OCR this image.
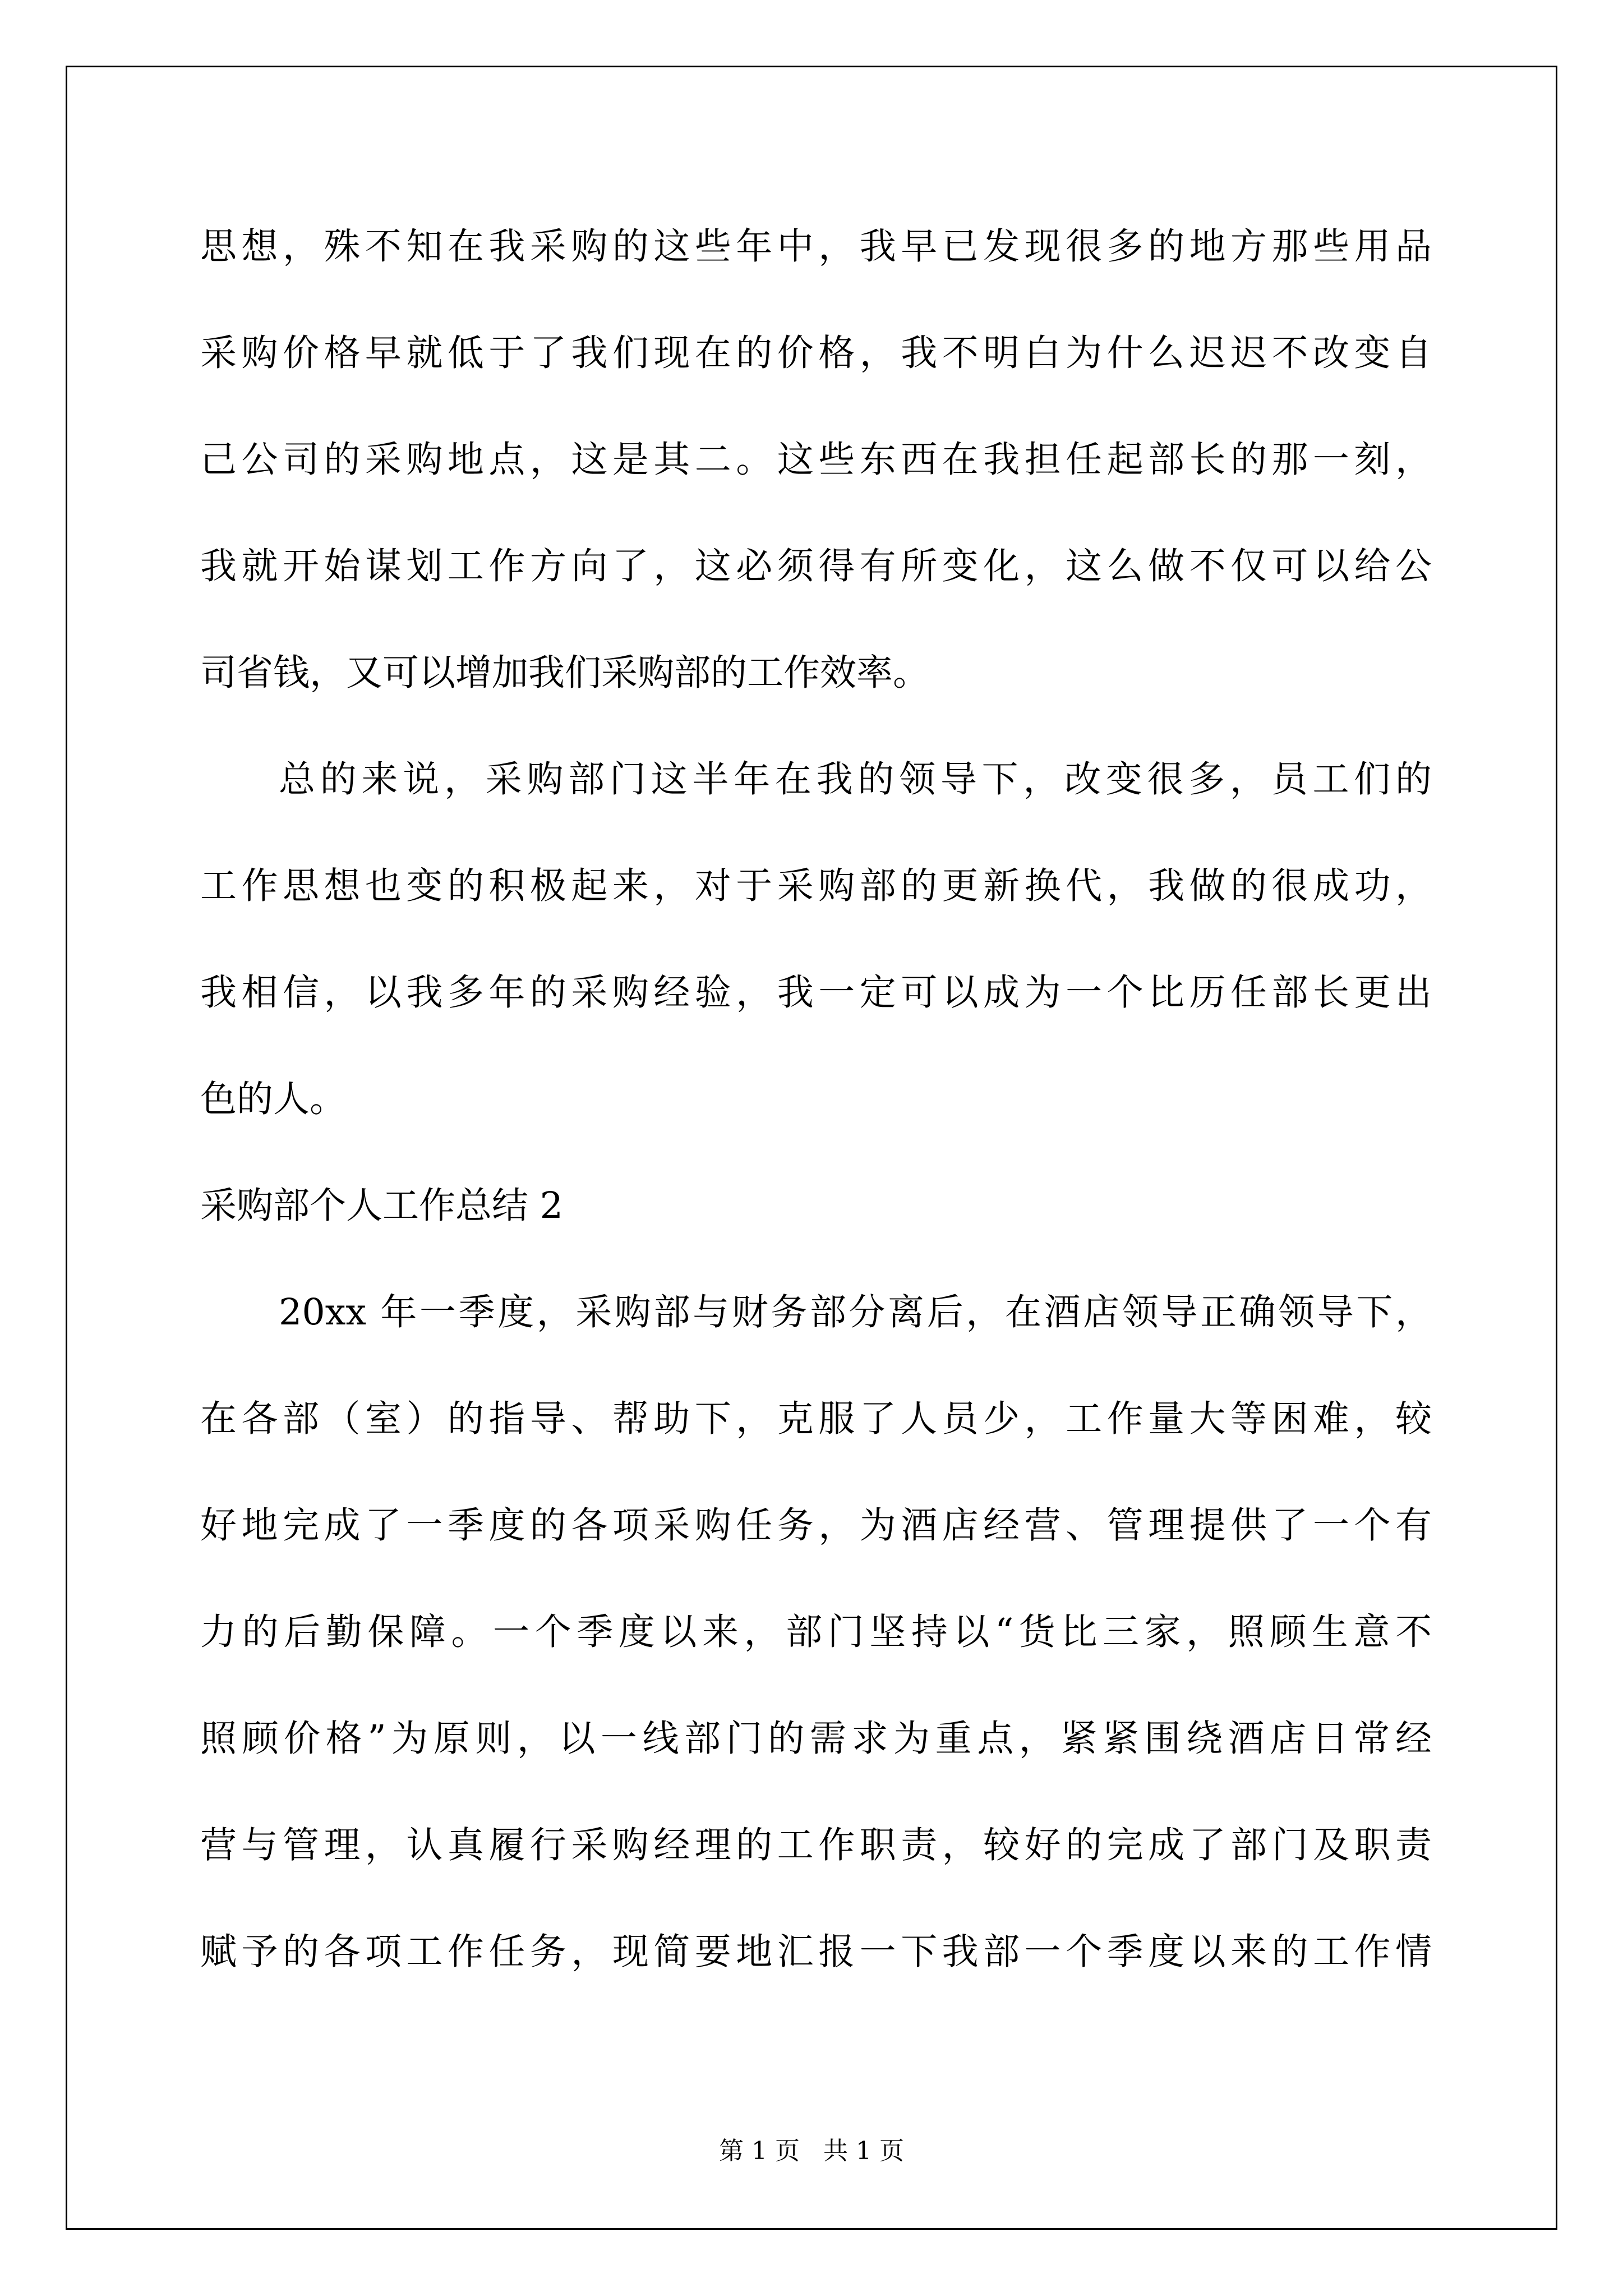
思想，殊不知在我采购的这些年中，我早已发现很多的地方那些用品
采购价格早就低于了我们现在的价格，我不明白为什么迟迟不改变自
己公司的采购地点，这是其二。这些东西在我担任起部长的那一刻，
我就开始谋划工作方向了，这必须得有所变化，这么做不仅可以给公
司省钱，又可以增加我们采购部的工作效率。
总的来说，采购部门这半年在我的领导下，改变很多，员工们的
工作思想也变的积极起来，对于采购部的更新换代，我做的很成功，
我相信，以我多年的采购经验，我一定可以成为一个比历任部长更出
色的人。
采购部个人工作总结 2
20xx 年一季度，采购部与财务部分离后，在酒店领导正确领导下，
在各部（室）的指导、帮助下，克服了人员少，工作量大等困难，较
好地完成了一季度的各项采购任务，为酒店经营、管理提供了一个有
力的后勤保障。一个季度以来，部门坚持以“货比三家，照顾生意不
照顾价格”为原则，以一线部门的需求为重点，紧紧围绕酒店日常经
营与管理，认真履行采购经理的工作职责，较好的完成了部门及职责
赋予的各项工作任务，现简要地汇报一下我部一个季度以来的工作情
第 1 页 共 1 页
